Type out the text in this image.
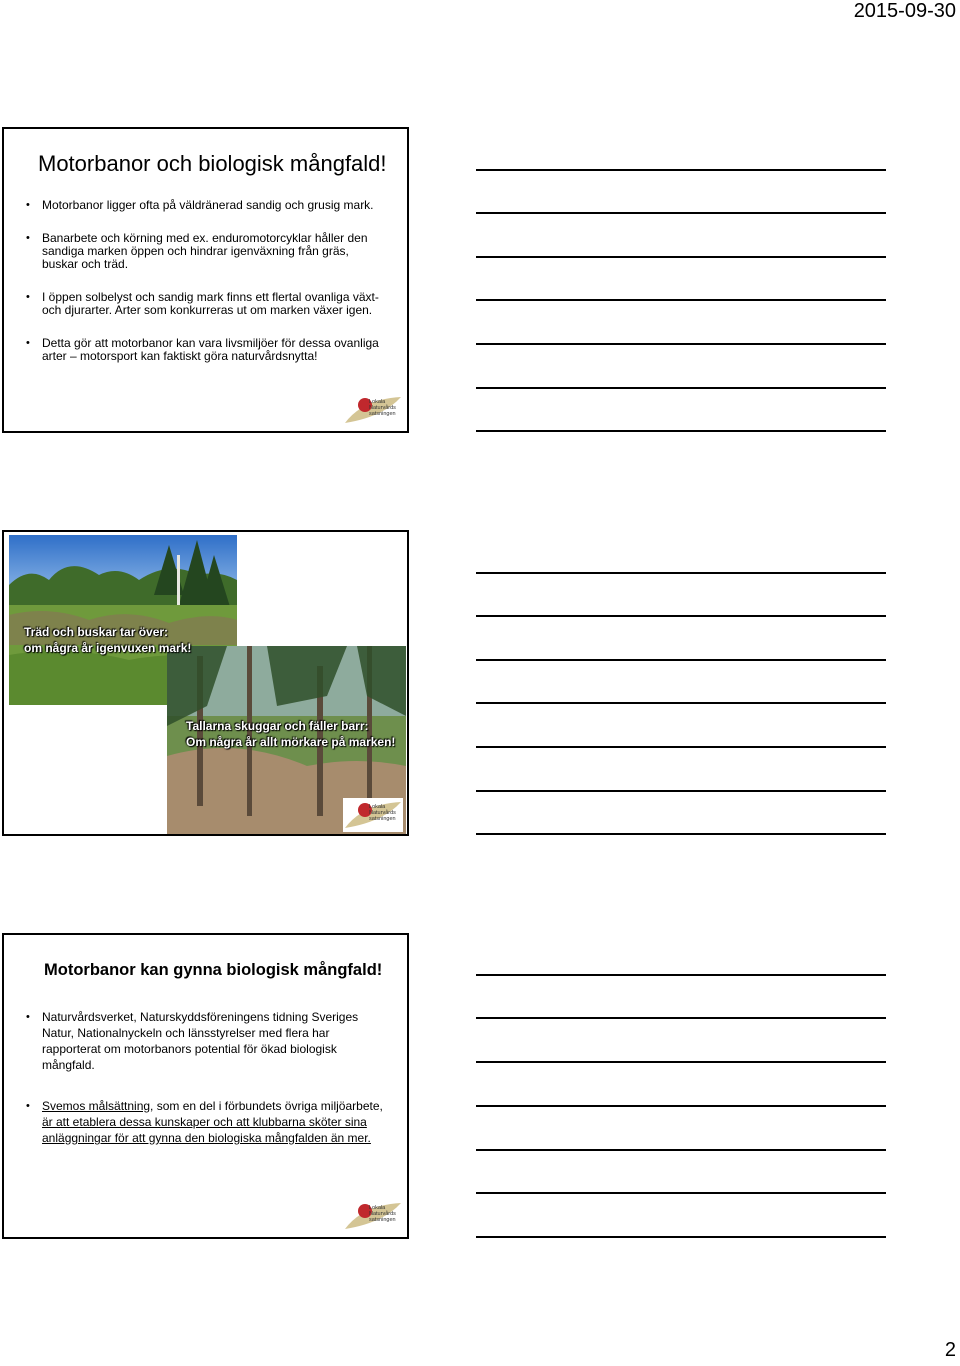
2015-09-30
Motorbanor och biologisk mångfald!
• Motorbanor ligger ofta på väldränerad sandig och grusig mark.
• Banarbete och körning med ex. enduromotorcyklar håller den sandiga marken öppen och hindrar igenväxning från gräs, buskar och träd.
• I öppen solbelyst och sandig mark finns ett flertal ovanliga växt- och djurarter. Arter som konkurreras ut om marken växer igen.
• Detta gör att motorbanor kan vara livsmiljöer för dessa ovanliga arter – motorsport kan faktiskt göra naturvårdsnytta!
Lokala
Naturvårds
satsningen
Träd och buskar tar över:
om några år igenvuxen mark!
Tallarna skuggar och fäller barr:
Om några år allt mörkare på marken!
Lokala
Naturvårds
satsningen
Motorbanor kan gynna biologisk mångfald!
• Naturvårdsverket, Naturskyddsföreningens tidning Sveriges Natur, Nationalnyckeln och länsstyrelser med flera har rapporterat om motorbanors potential för ökad biologisk mångfald.
• Svemos målsättning, som en del i förbundets övriga miljöarbete, är att etablera dessa kunskaper och att klubbarna sköter sina anläggningar för att gynna den biologiska mångfalden än mer.
Lokala
Naturvårds
satsningen
2
